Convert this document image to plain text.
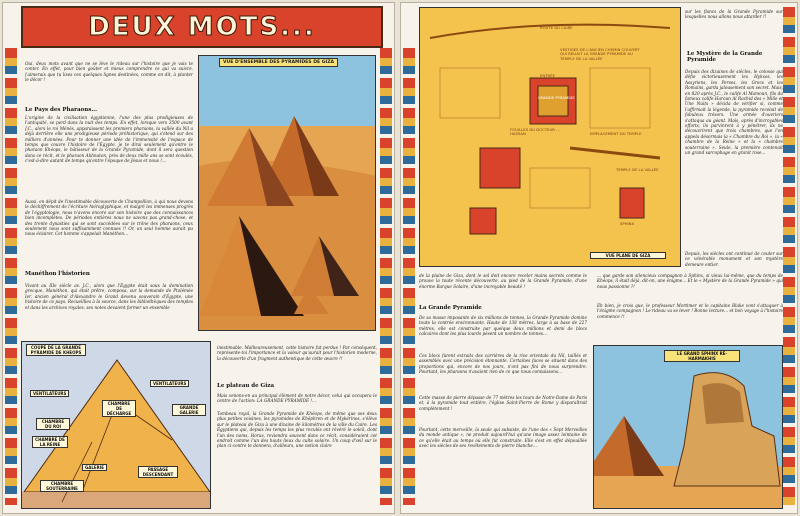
DEUX MOTS...
Oui, deux mots avant que ne se lève le rideau sur l'histoire que je vais te conter. En effet, pour bien goûter et mieux comprendre ce qui va suivre, j'aimerais que tu lises ces quelques lignes destinées, comme on dit, à planter le décor !
Le Pays des Pharaons...
L'origine de la civilisation égyptienne, l'une des plus prodigieuses de l'antiquité, se perd dans la nuit des temps. En effet, lorsque vers 3500 avant J.C., alors le roi Ménès, apparaissent les premiers pharaons, la vallée du Nil a déjà derrière elle une prodigieuse période préhistorique, qui s'étend sur des milliers d'années. Pour te donner une idée de l'immensité de l'espace de temps que couvre l'histoire de l'Égypte, je te dirai seulement qu'entre le pharaon Khéops, le bâtisseur de la Grande Pyramide, dont il sera question dans ce récit, et le pharaon Akhnaton, près de deux mille ans se sont écoulés, c'est-à-dire autant de temps qu'entre l'époque de Jésus et nous !...
Aussi, en dépit de l'inestimable découverte de Champollion, à qui nous devons le déchiffrement de l'écriture hiéroglyphique, et malgré les immenses progrès de l'égyptologie, nous n'avons encore sur son histoire que des connaissances bien incomplètes. De périodes entières nous ne savons pas grand-chose, et des trente dynasties qui se sont succédées sur le trône des pharaons, ceux seulement nous sont suffisamment connues !! Or, un seul homme aurait pu nous éclairer. Cet homme s'appelait Manéthon...
Manéthon l'historien
Vivant au IIIe siècle av. J.C., alors que l'Égypte était sous la domination grecque, Manéthon, qui était prêtre, composa, sur la demande de Ptolémée Ier, ancien général d'Alexandre le Grand devenu souverain d'Égypte, une histoire de ce pays. Recueillies à la source, dans les bibliothèques des temples et dans les archives royales, ses notes devaient former un ensemble
VUE D'ENSEMBLE DES PYRAMIDES DE GIZA
COUPE DE LA GRANDE PYRAMIDE DE KHEOPS
VENTILATEURS
VENTILATEURS
CHAMBRE DE DÉCHARGE
GRANDE GALERIE
CHAMBRE DU ROI
CHAMBRE DE LA REINE
GALERIE	PASSAGE DESCENDANT
CHAMBRE SOUTERRAINE
inestimable. Malheureusement, cette histoire fut perdue ! Par conséquent, représente-toi l'importance et la valeur qu'aurait pour l'historien moderne, la découverte d'un fragment authentique de cette œuvre !!
Le plateau de Giza
Mais venons-en au principal élément de notre décor, celui qui occupera le centre de l'action: LA GRANDE PYRAMIDE !...
Tombeau royal, la Grande Pyramide de Khéops, de même que ses deux plus petites voisines, les pyramides de Khéphren et de Mykérinos, s'élève sur le plateau de Giza à une dizaine de kilomètres de la ville du Caire. Les Égyptiens qui, depuis les temps les plus reculés ont révéré le soleil, dont l'un des noms, Horus, reviendra souvent dans ce récit, considéraient cet endroit comme l'un des hauts lieux du culte solaire. Un coup d'œil sur le plan ci-contre te donnera, d'ailleurs, une notion claire
ROUTE DU CAIRE
VESTIGES DE L'ANCIEN CHEMIN COUVERT QUI RELIAIT LA GRANDE PYRAMIDE AU TEMPLE DE LA VALLÉE
ENTRÉE
GRANDE PYRAMIDE
FOUILLES DU DOCTEUR ... HASSAN	EMPLACEMENT DU TEMPLE
TEMPLE DE LA VALLÉE
SPHINX
VUE PLANE DE GIZA
sur les flancs de la Grande Pyramide sur lesquelles nous allons nous attarder !!
Le Mystère de la Grande Pyramide
Depuis des dizaines de siècles, le colosse qui défie victorieusement les Hyksos, les Assyriens, les Perses, les Grecs et les Romains, garda jalousement son secret. Mais, en 820 après J.C., le calife Al Mamoun, fils du fameux calife Haroun Al Rachid des « Mille et Une Nuits » décida de vérifier si, comme l'affirmait la légende, la pyramide recelait de fabuleux trésors. Une armée d'ouvriers s'attaqua au géant. Mais, après d'incroyables efforts, ils parvinrent à y pénétrer, ils ne découvrirent que trois chambres, que l'on appela désormais la « Chambre du Roi », la « chambre de la Reine » et la « chambre souterraine ». Seule, la première contenait un grand sarcophage en granit rose...
Depuis, les siècles ont continué de couler sur ce vénérable monument et son mystère demeure entier.
de la plaine de Giza, dont le sol doit encore receler mains secrets comme le prouve la toute récente découverte, au pied de la Grande Pyramide, d'une énorme Barque Solaire, d'une incroyable beauté !
La Grande Pyramide
De sa masse imposante de six millions de tonnes, la Grande Pyramide domine toute la contrée environnante. Haute de 138 mètres, large à sa base de 227 mètres, elle est construite par quelque deux millions et demi de blocs calcaires dont les plus lourds pèsent un nombre de tonnes...
Ces blocs furent extraits des carrières de la rive orientale du Nil, taillés et assemblés avec une précision étonnante. Certaines faces se situent dans des proportions qui, encore de nos jours, n'ont pas fini de nous surprendre. Pourtant, les pharaons n'avaient rien de ce que nous connaissons...
Cette masse de pierre dépasse de 77 mètres les tours de Notre-Dame de Paris et, à la pyramide tout entière, l'église Saint-Pierre de Rome y disparaîtrait complètement !
Pourtant, cette merveille, la seule qui subsiste, de l'une des « Sept Merveilles du monde antique », ne produit aujourd'hui qu'une image assez lointaine de ce qu'elle était au temps où elle fut construite. Elle s'est en effet dépouillée avec les siècles de ses revêtements de pierre blanche...
... que garde son silencieux compagnon à Sphinx, si vieux lui-même, que du temps de Khéops, il était déjà, dit-on, une énigme... Et le « Mystère de la Grande Pyramide » qui nous passionne ?!
Eh bien, je crois que, le professeur Mortimer et le capitaine Blake vont s'attaquer à l'énigme compagnon ! Le rideau va se lever ! Bonne lecture... et bon voyage à l'histoire commence !!
LE GRAND SPHINX RÉ-HARMAKHIS
